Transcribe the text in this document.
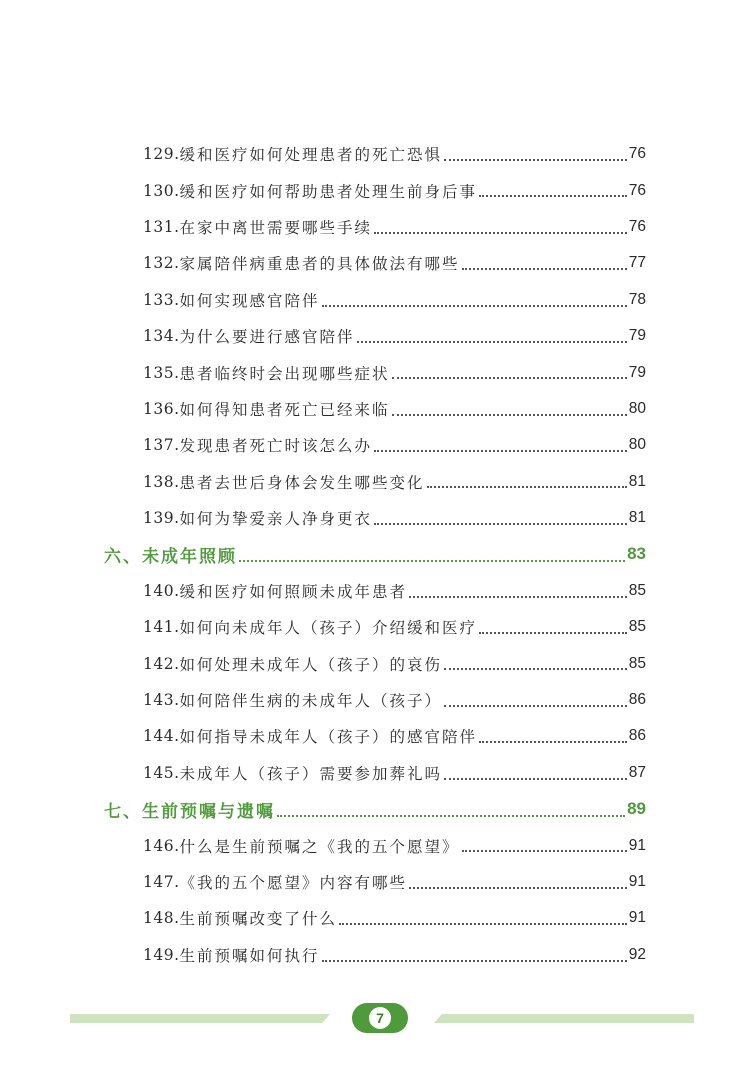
129. 缓和医疗如何处理患者的死亡恐惧	76
130. 缓和医疗如何帮助患者处理生前身后事	76
131. 在家中离世需要哪些手续	76
132. 家属陪伴病重患者的具体做法有哪些	77
133. 如何实现感官陪伴	78
134. 为什么要进行感官陪伴	79
135. 患者临终时会出现哪些症状	79
136. 如何得知患者死亡已经来临	80
137. 发现患者死亡时该怎么办	80
138. 患者去世后身体会发生哪些变化	81
139. 如何为挚爱亲人净身更衣	81
六、未成年照顾	83
140. 缓和医疗如何照顾未成年患者	85
141. 如何向未成年人（孩子）介绍缓和医疗	85
142. 如何处理未成年人（孩子）的哀伤	85
143. 如何陪伴生病的未成年人（孩子）	86
144. 如何指导未成年人（孩子）的感官陪伴	86
145. 未成年人（孩子）需要参加葬礼吗	87
七、生前预嘱与遗嘱	89
146. 什么是生前预嘱之《我的五个愿望》	91
147. 《我的五个愿望》内容有哪些	91
148. 生前预嘱改变了什么	91
149. 生前预嘱如何执行	92
7
